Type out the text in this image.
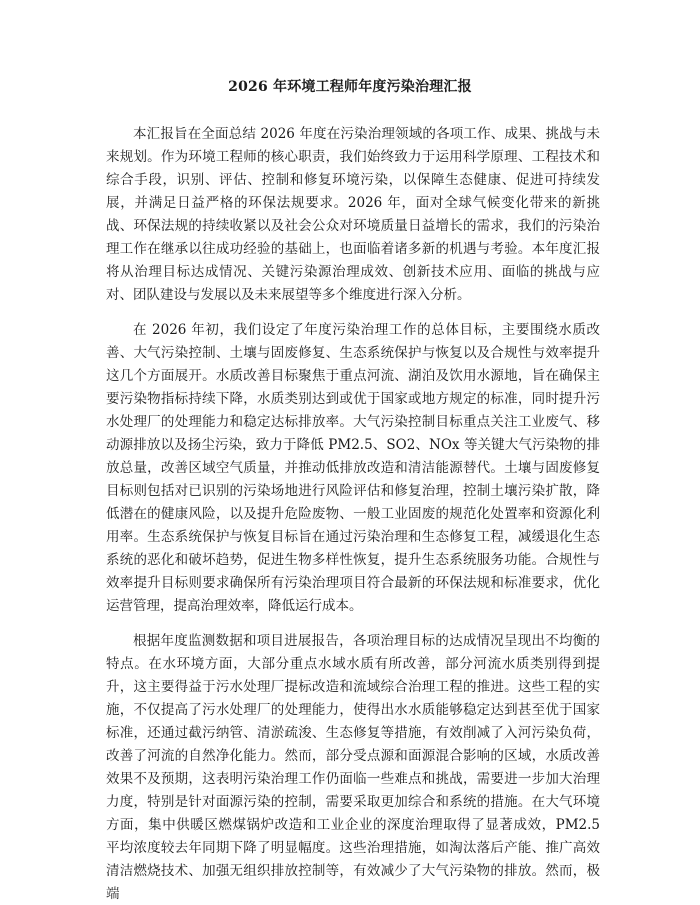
2026 年环境工程师年度污染治理汇报

本汇报旨在全面总结 2026 年度在污染治理领域的各项工作、成果、挑战与未来规划。作为环境工程师的核心职责，我们始终致力于运用科学原理、工程技术和综合手段，识别、评估、控制和修复环境污染，以保障生态健康、促进可持续发展，并满足日益严格的环保法规要求。2026 年，面对全球气候变化带来的新挑战、环保法规的持续收紧以及社会公众对环境质量日益增长的需求，我们的污染治理工作在继承以往成功经验的基础上，也面临着诸多新的机遇与考验。本年度汇报将从治理目标达成情况、关键污染源治理成效、创新技术应用、面临的挑战与应对、团队建设与发展以及未来展望等多个维度进行深入分析。

在 2026 年初，我们设定了年度污染治理工作的总体目标，主要围绕水质改善、大气污染控制、土壤与固废修复、生态系统保护与恢复以及合规性与效率提升这几个方面展开。水质改善目标聚焦于重点河流、湖泊及饮用水源地，旨在确保主要污染物指标持续下降，水质类别达到或优于国家或地方规定的标准，同时提升污水处理厂的处理能力和稳定达标排放率。大气污染控制目标重点关注工业废气、移动源排放以及扬尘污染，致力于降低 PM2.5、SO2、NOx 等关键大气污染物的排放总量，改善区域空气质量，并推动低排放改造和清洁能源替代。土壤与固废修复目标则包括对已识别的污染场地进行风险评估和修复治理，控制土壤污染扩散，降低潜在的健康风险，以及提升危险废物、一般工业固废的规范化处置率和资源化利用率。生态系统保护与恢复目标旨在通过污染治理和生态修复工程，减缓退化生态系统的恶化和破坏趋势，促进生物多样性恢复，提升生态系统服务功能。合规性与效率提升目标则要求确保所有污染治理项目符合最新的环保法规和标准要求，优化运营管理，提高治理效率，降低运行成本。

根据年度监测数据和项目进展报告，各项治理目标的达成情况呈现出不均衡的特点。在水环境方面，大部分重点水域水质有所改善，部分河流水质类别得到提升，这主要得益于污水处理厂提标改造和流域综合治理工程的推进。这些工程的实施，不仅提高了污水处理厂的处理能力，使得出水水质能够稳定达到甚至优于国家标准，还通过截污纳管、清淤疏浚、生态修复等措施，有效削减了入河污染负荷，改善了河流的自然净化能力。然而，部分受点源和面源混合影响的区域，水质改善效果不及预期，这表明污染治理工作仍面临一些难点和挑战，需要进一步加大治理力度，特别是针对面源污染的控制，需要采取更加综合和系统的措施。在大气环境方面，集中供暖区燃煤锅炉改造和工业企业的深度治理取得了显著成效，PM2.5 平均浓度较去年同期下降了明显幅度。这些治理措施，如淘汰落后产能、推广高效清洁燃烧技术、加强无组织排放控制等，有效减少了大气污染物的排放。然而，极端
